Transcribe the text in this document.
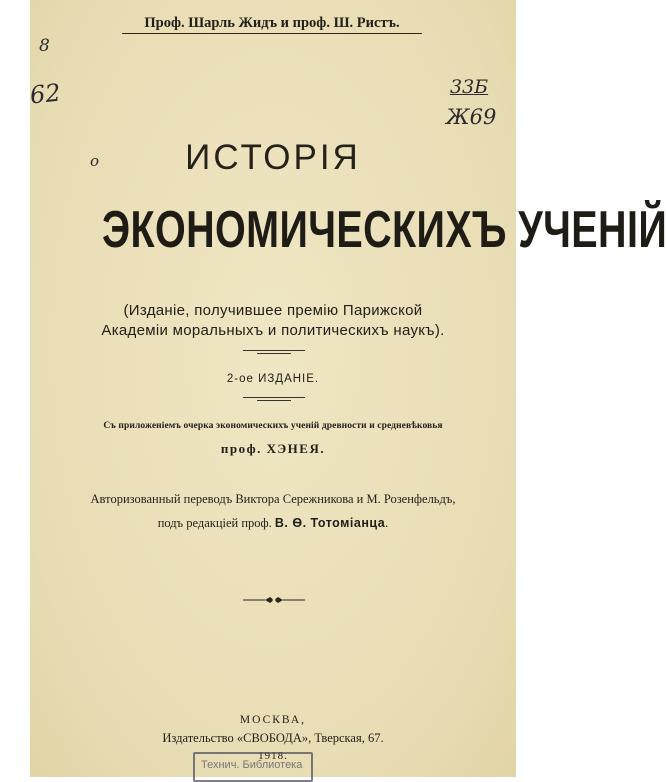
Проф. Шарль Жидъ и проф. Ш. Ристъ.
8
62	33Б
Ж69
o	ИСТОРІЯ
ЭКОНОМИЧЕСКИХЪ УЧЕНІЙ
(Изданіе, получившее премію Парижской
Академіи моральныхъ и политическихъ наукъ).
2-ое ИЗДАНІЕ.
Съ приложеніемъ очерка экономическихъ ученій древности и средневѣковья
проф. ХЭНЕЯ.
Авторизованный переводъ Виктора Сережникова и М. Розенфельдъ,
подъ редакціей проф. В. Ѳ. Тотоміанца.
МОСКВА,
Издательство «СВОБОДА», Тверская, 67.
1918.
Технич. Библиотека
